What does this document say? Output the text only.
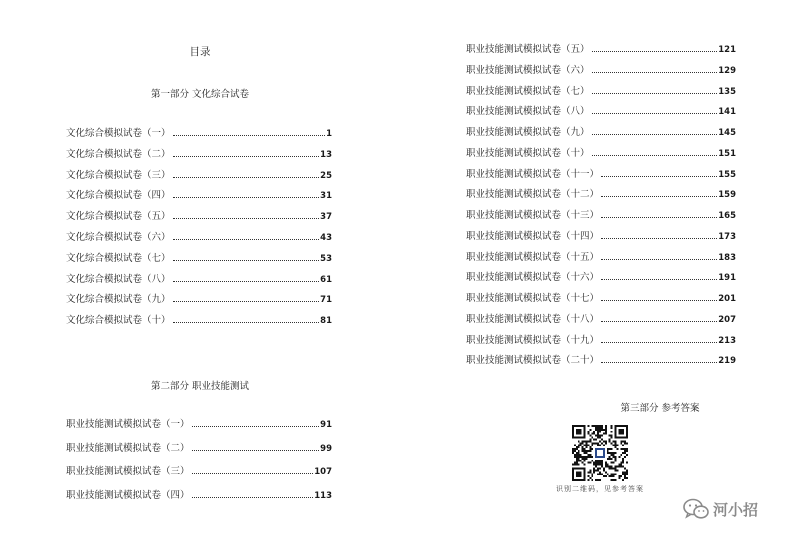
目录
第一部分 文化综合试卷
文化综合模拟试卷（一）	1
文化综合模拟试卷（二）	13
文化综合模拟试卷（三）	25
文化综合模拟试卷（四）	31
文化综合模拟试卷（五）	37
文化综合模拟试卷（六）	43
文化综合模拟试卷（七）	53
文化综合模拟试卷（八）	61
文化综合模拟试卷（九）	71
文化综合模拟试卷（十）	81
第二部分 职业技能测试
职业技能测试模拟试卷（一）	91
职业技能测试模拟试卷（二）	99
职业技能测试模拟试卷（三）	107
职业技能测试模拟试卷（四）	113
职业技能测试模拟试卷（五）	121
职业技能测试模拟试卷（六）	129
职业技能测试模拟试卷（七）	135
职业技能测试模拟试卷（八）	141
职业技能测试模拟试卷（九）	145
职业技能测试模拟试卷（十）	151
职业技能测试模拟试卷（十一）	155
职业技能测试模拟试卷（十二）	159
职业技能测试模拟试卷（十三）	165
职业技能测试模拟试卷（十四）	173
职业技能测试模拟试卷（十五）	183
职业技能测试模拟试卷（十六）	191
职业技能测试模拟试卷（十七）	201
职业技能测试模拟试卷（十八）	207
职业技能测试模拟试卷（十九）	213
职业技能测试模拟试卷（二十）	219
第三部分 参考答案
识别二维码，见参考答案
河小招
